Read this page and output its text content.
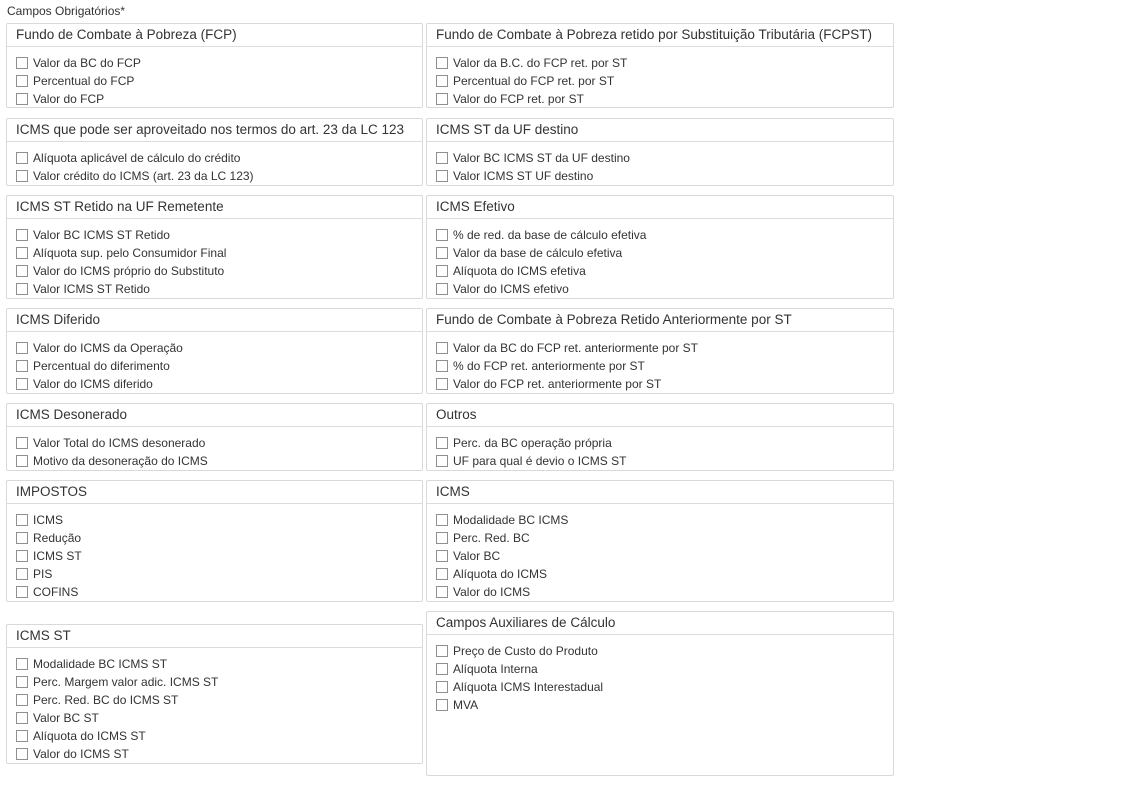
Campos Obrigatórios*
Fundo de Combate à Pobreza (FCP)
Valor da BC do FCP
Percentual do FCP
Valor do FCP
Fundo de Combate à Pobreza retido por Substituição Tributária (FCPST)
Valor da B.C. do FCP ret. por ST
Percentual do FCP ret. por ST
Valor do FCP ret. por ST
ICMS que pode ser aproveitado nos termos do art. 23 da LC 123
Alíquota aplicável de cálculo do crédito
Valor crédito do ICMS (art. 23 da LC 123)
ICMS ST da UF destino
Valor BC ICMS ST da UF destino
Valor ICMS ST UF destino
ICMS ST Retido na UF Remetente
Valor BC ICMS ST Retido
Alíquota sup. pelo Consumidor Final
Valor do ICMS próprio do Substituto
Valor ICMS ST Retido
ICMS Efetivo
% de red. da base de cálculo efetiva
Valor da base de cálculo efetiva
Alíquota do ICMS efetiva
Valor do ICMS efetivo
ICMS Diferido
Valor do ICMS da Operação
Percentual do diferimento
Valor do ICMS diferido
Fundo de Combate à Pobreza Retido Anteriormente por ST
Valor da BC do FCP ret. anteriormente por ST
% do FCP ret. anteriormente por ST
Valor do FCP ret. anteriormente por ST
ICMS Desonerado
Valor Total do ICMS desonerado
Motivo da desoneração do ICMS
Outros
Perc. da BC operação própria
UF para qual é devio o ICMS ST
IMPOSTOS
ICMS
Redução
ICMS ST
PIS
COFINS
ICMS
Modalidade BC ICMS
Perc. Red. BC
Valor BC
Alíquota do ICMS
Valor do ICMS
ICMS ST
Modalidade BC ICMS ST
Perc. Margem valor adic. ICMS ST
Perc. Red. BC do ICMS ST
Valor BC ST
Alíquota do ICMS ST
Valor do ICMS ST
Campos Auxiliares de Cálculo
Preço de Custo do Produto
Alíquota Interna
Alíquota ICMS Interestadual
MVA
